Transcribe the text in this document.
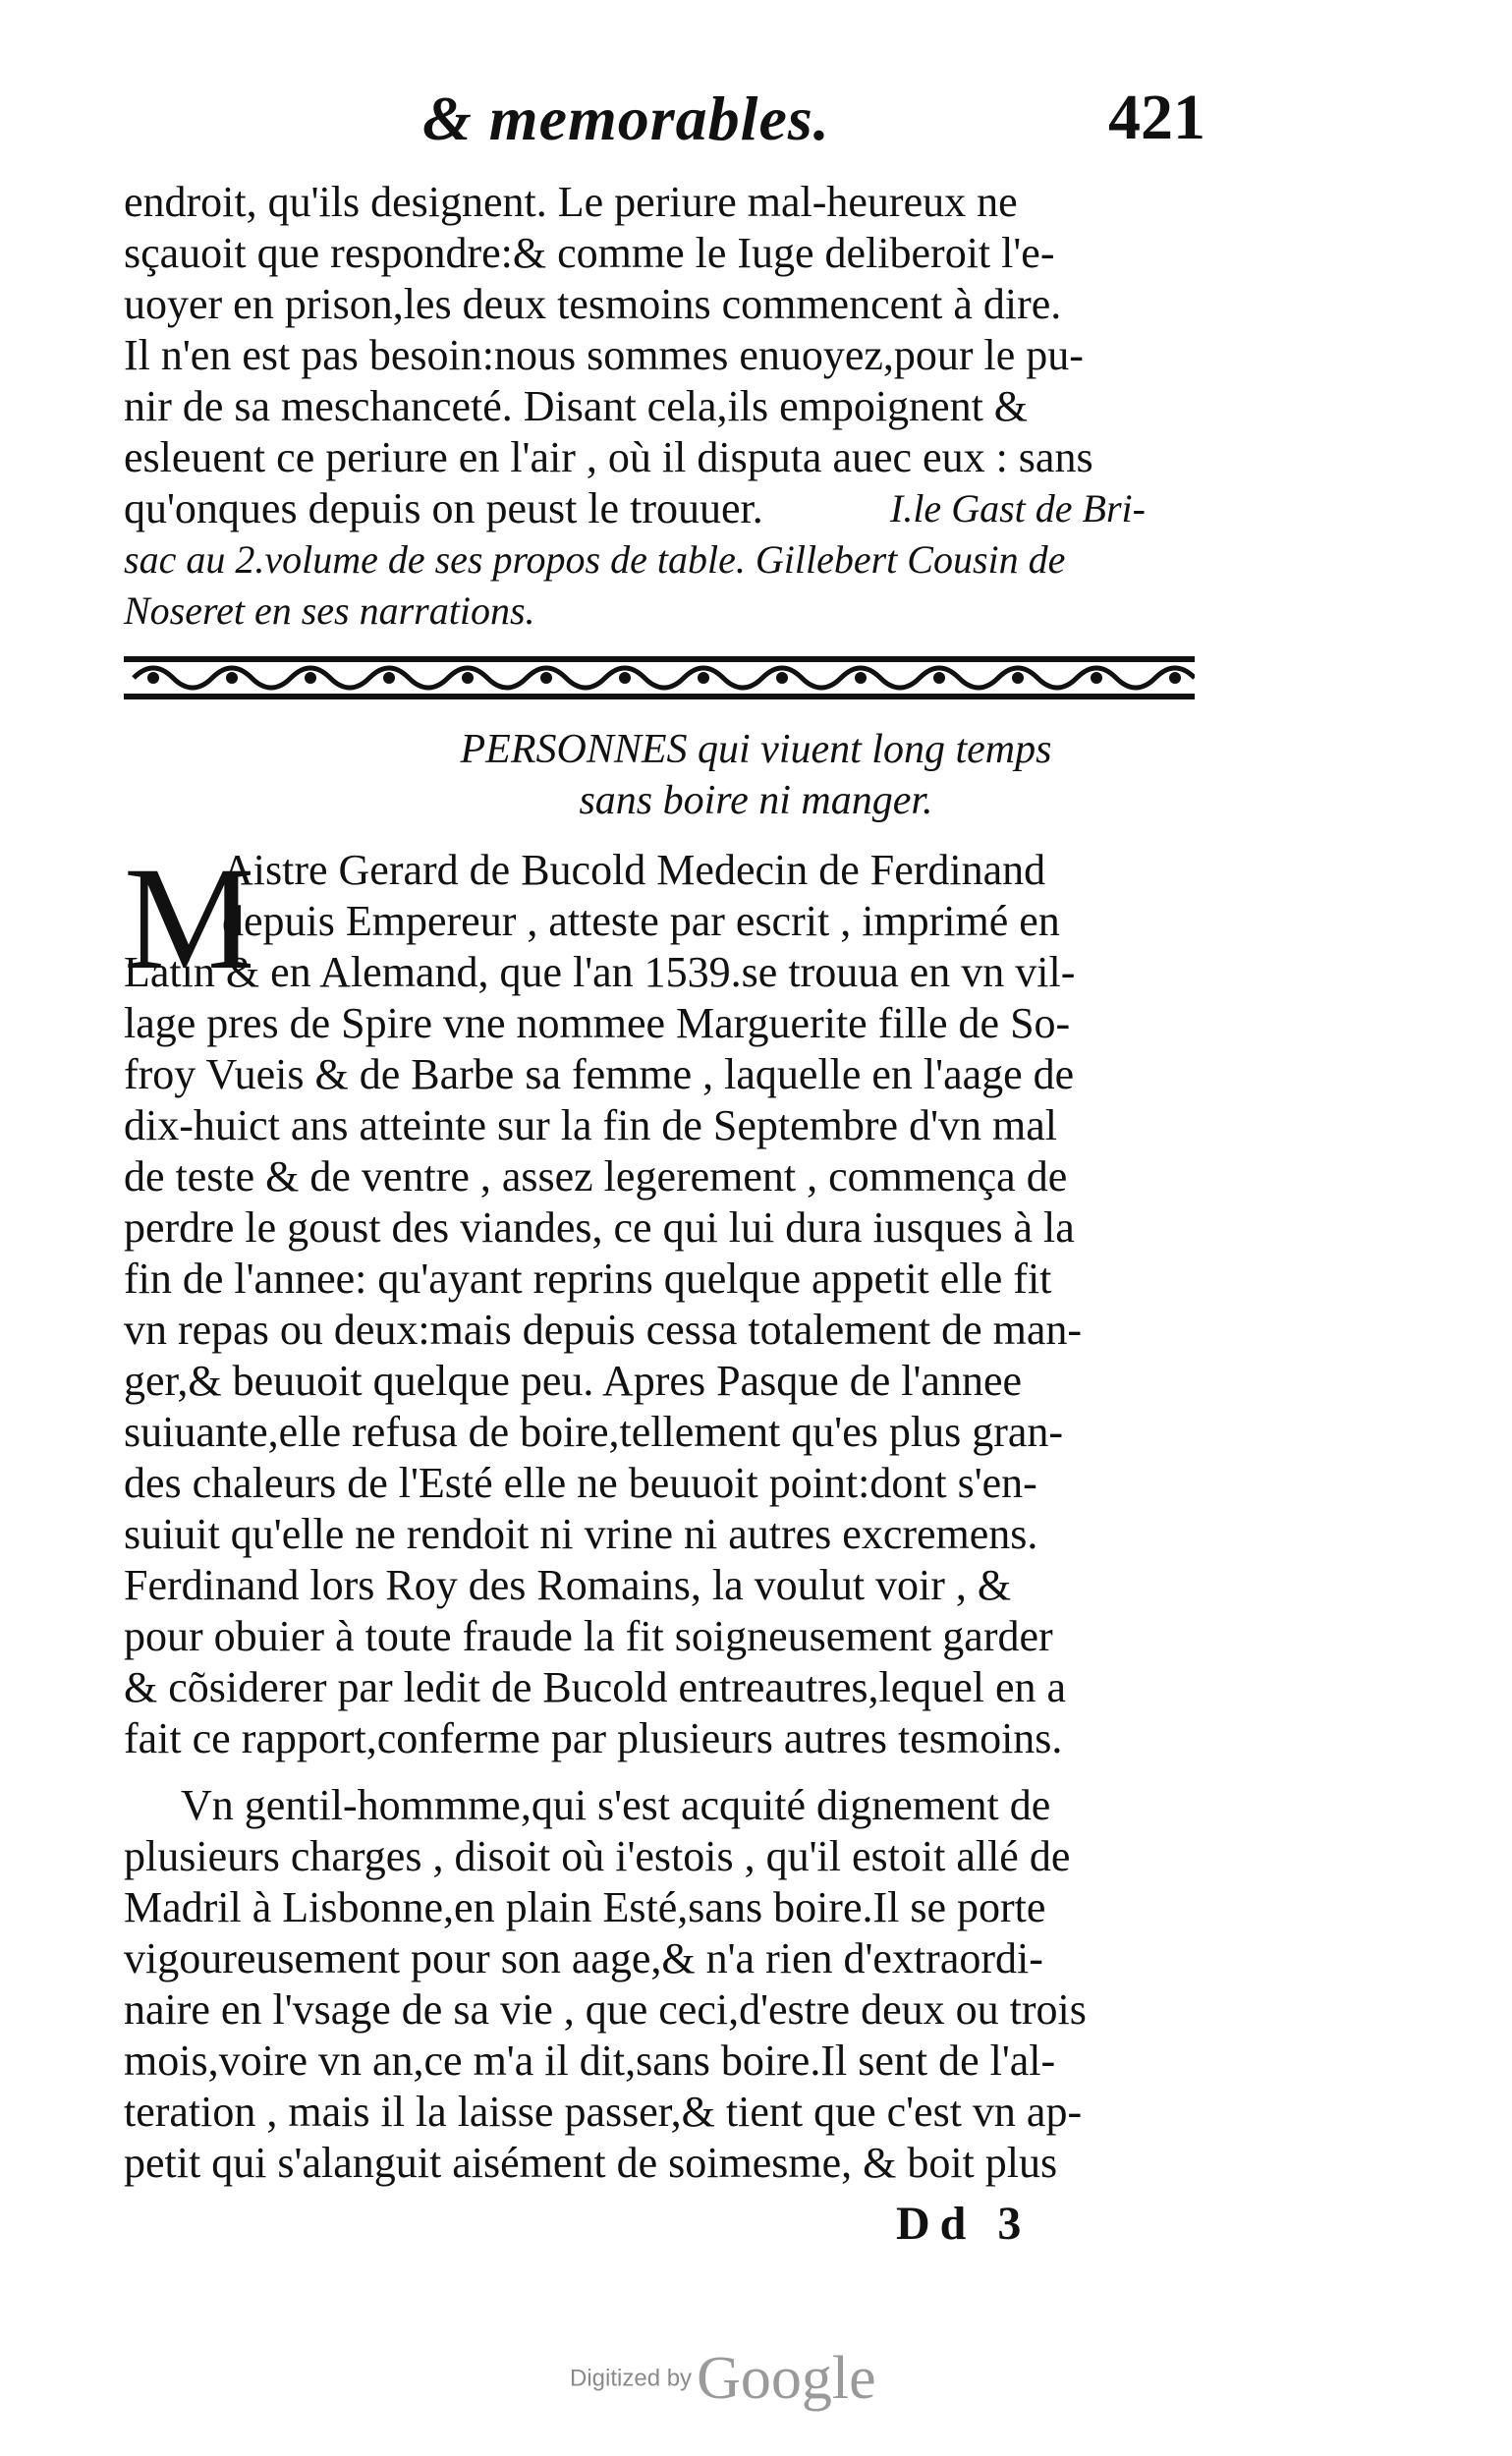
& memorables.	421
endroit, qu'ils designent. Le periure mal-heureux ne
sçauoit que respondre:& comme le Iuge deliberoit l'e-
uoyer en prison,les deux tesmoins commencent à dire.
Il n'en est pas besoin:nous sommes enuoyez,pour le pu-
nir de sa meschanceté. Disant cela,ils empoignent &
esleuent ce periure en l'air , où il disputa auec eux : sans
qu'onques depuis on peust le trouuer.	I.le Gast de Bri-
sac au 2.volume de ses propos de table. Gillebert Cousin de
Noseret en ses narrations.
PERSONNES qui viuent long temps
sans boire ni manger.
M
Aistre Gerard de Bucold Medecin de Ferdinand
depuis Empereur , atteste par escrit , imprimé en
Latin & en Alemand, que l'an 1539.se trouua en vn vil-
lage pres de Spire vne nommee Marguerite fille de So-
froy Vueis & de Barbe sa femme , laquelle en l'aage de
dix-huict ans atteinte sur la fin de Septembre d'vn mal
de teste & de ventre , assez legerement , commença de
perdre le goust des viandes, ce qui lui dura iusques à la
fin de l'annee: qu'ayant reprins quelque appetit elle fit
vn repas ou deux:mais depuis cessa totalement de man-
ger,& beuuoit quelque peu. Apres Pasque de l'annee
suiuante,elle refusa de boire,tellement qu'es plus gran-
des chaleurs de l'Esté elle ne beuuoit point:dont s'en-
suiuit qu'elle ne rendoit ni vrine ni autres excremens.
Ferdinand lors Roy des Romains, la voulut voir , &
pour obuier à toute fraude la fit soigneusement garder
& cõsiderer par ledit de Bucold entreautres,lequel en a
fait ce rapport,conferme par plusieurs autres tesmoins.
Vn gentil-hommme,qui s'est acquité dignement de
plusieurs charges , disoit où i'estois , qu'il estoit allé de
Madril à Lisbonne,en plain Esté,sans boire.Il se porte
vigoureusement pour son aage,& n'a rien d'extraordi-
naire en l'vsage de sa vie , que ceci,d'estre deux ou trois
mois,voire vn an,ce m'a il dit,sans boire.Il sent de l'al-
teration , mais il la laisse passer,& tient que c'est vn ap-
petit qui s'alanguit aisément de soimesme, & boit plus
Dd 3
Digitized by Google
